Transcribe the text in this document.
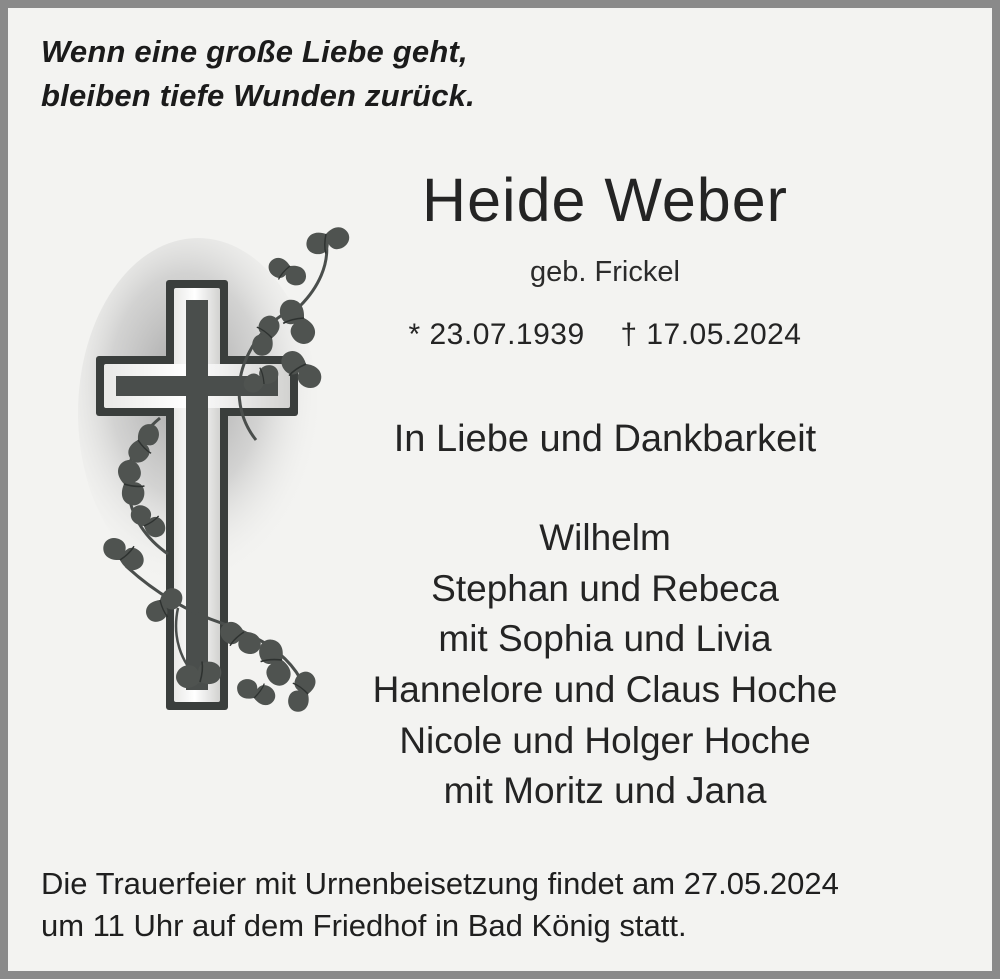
Wenn eine große Liebe geht,
bleiben tiefe Wunden zurück.
Heide Weber
geb. Frickel
* 23.07.1939 † 17.05.2024
In Liebe und Dankbarkeit
Wilhelm
Stephan und Rebeca
mit Sophia und Livia
Hannelore und Claus Hoche
Nicole und Holger Hoche
mit Moritz und Jana
Die Trauerfeier mit Urnenbeisetzung findet am 27.05.2024
um 11 Uhr auf dem Friedhof in Bad König statt.
